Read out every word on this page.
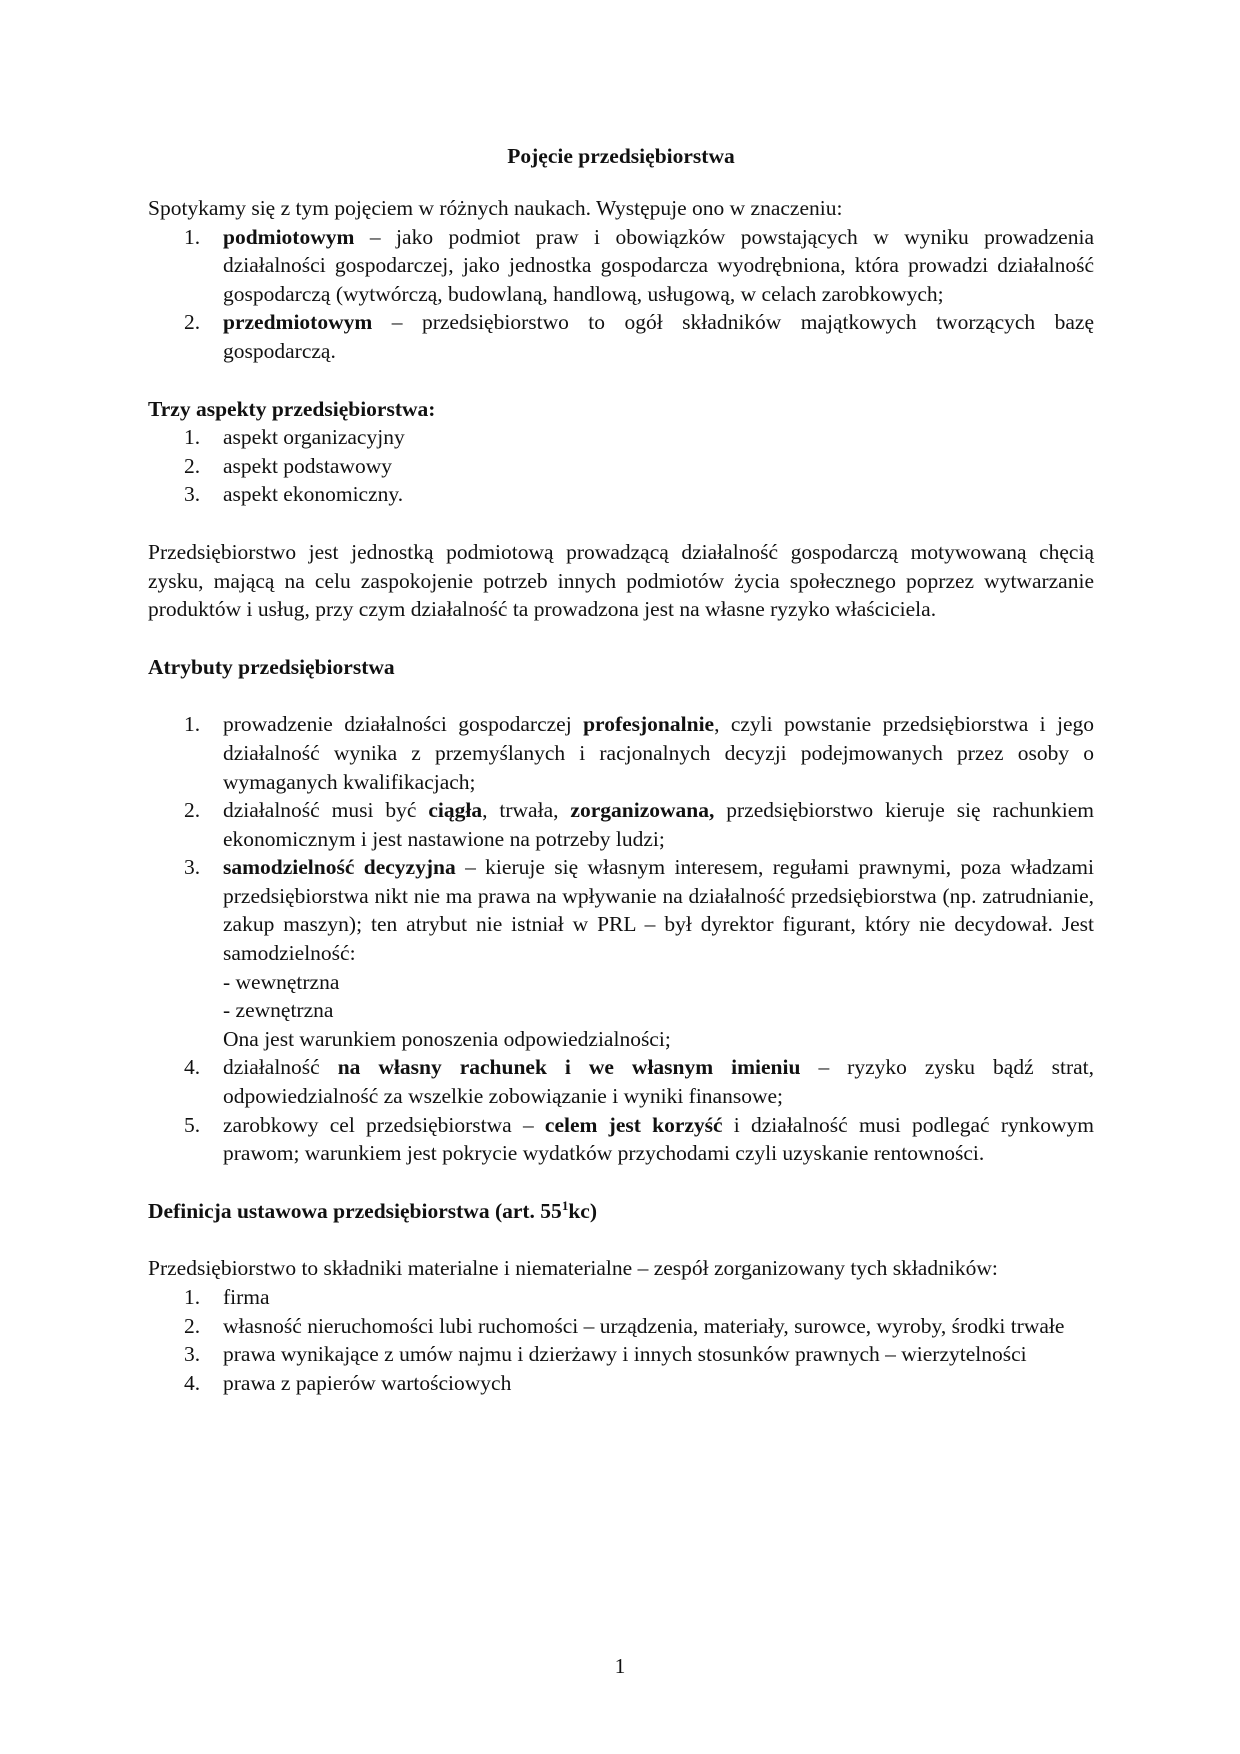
Pojęcie przedsiębiorstwa

Spotykamy się z tym pojęciem w różnych naukach. Występuje ono w znaczeniu:

1. podmiotowym – jako podmiot praw i obowiązków powstających w wyniku prowadzenia działalności gospodarczej, jako jednostka gospodarcza wyodrębniona, która prowadzi działalność gospodarczą (wytwórczą, budowlaną, handlową, usługową, w celach zarobkowych;
2. przedmiotowym – przedsiębiorstwo to ogół składników majątkowych tworzących bazę gospodarczą.

Trzy aspekty przedsiębiorstwa:

1. aspekt organizacyjny
2. aspekt podstawowy
3. aspekt ekonomiczny.

Przedsiębiorstwo jest jednostką podmiotową prowadzącą działalność gospodarczą motywowaną chęcią zysku, mającą na celu zaspokojenie potrzeb innych podmiotów życia społecznego poprzez wytwarzanie produktów i usług, przy czym działalność ta prowadzona jest na własne ryzyko właściciela.

Atrybuty przedsiębiorstwa

1. prowadzenie działalności gospodarczej profesjonalnie, czyli powstanie przedsiębiorstwa i jego działalność wynika z przemyślanych i racjonalnych decyzji podejmowanych przez osoby o wymaganych kwalifikacjach;
2. działalność musi być ciągła, trwała, zorganizowana, przedsiębiorstwo kieruje się rachunkiem ekonomicznym i jest nastawione na potrzeby ludzi;
3. samodzielność decyzyjna – kieruje się własnym interesem, regułami prawnymi, poza władzami przedsiębiorstwa nikt nie ma prawa na wpływanie na działalność przedsiębiorstwa (np. zatrudnianie, zakup maszyn); ten atrybut nie istniał w PRL – był dyrektor figurant, który nie decydował. Jest samodzielność:
- wewnętrzna
- zewnętrzna
Ona jest warunkiem ponoszenia odpowiedzialności;
4. działalność na własny rachunek i we własnym imieniu – ryzyko zysku bądź strat, odpowiedzialność za wszelkie zobowiązanie i wyniki finansowe;
5. zarobkowy cel przedsiębiorstwa – celem jest korzyść i działalność musi podlegać rynkowym prawom; warunkiem jest pokrycie wydatków przychodami czyli uzyskanie rentowności.

Definicja ustawowa przedsiębiorstwa (art. $55^1kc$)

Przedsiębiorstwo to składniki materialne i niematerialne – zespół zorganizowany tych składników:

1. firma
2. własność nieruchomości lubi ruchomości – urządzenia, materiały, surowce, wyroby, środki trwałe
3. prawa wynikające z umów najmu i dzierżawy i innych stosunków prawnych – wierzytelności
4. prawa z papierów wartościowych
1
